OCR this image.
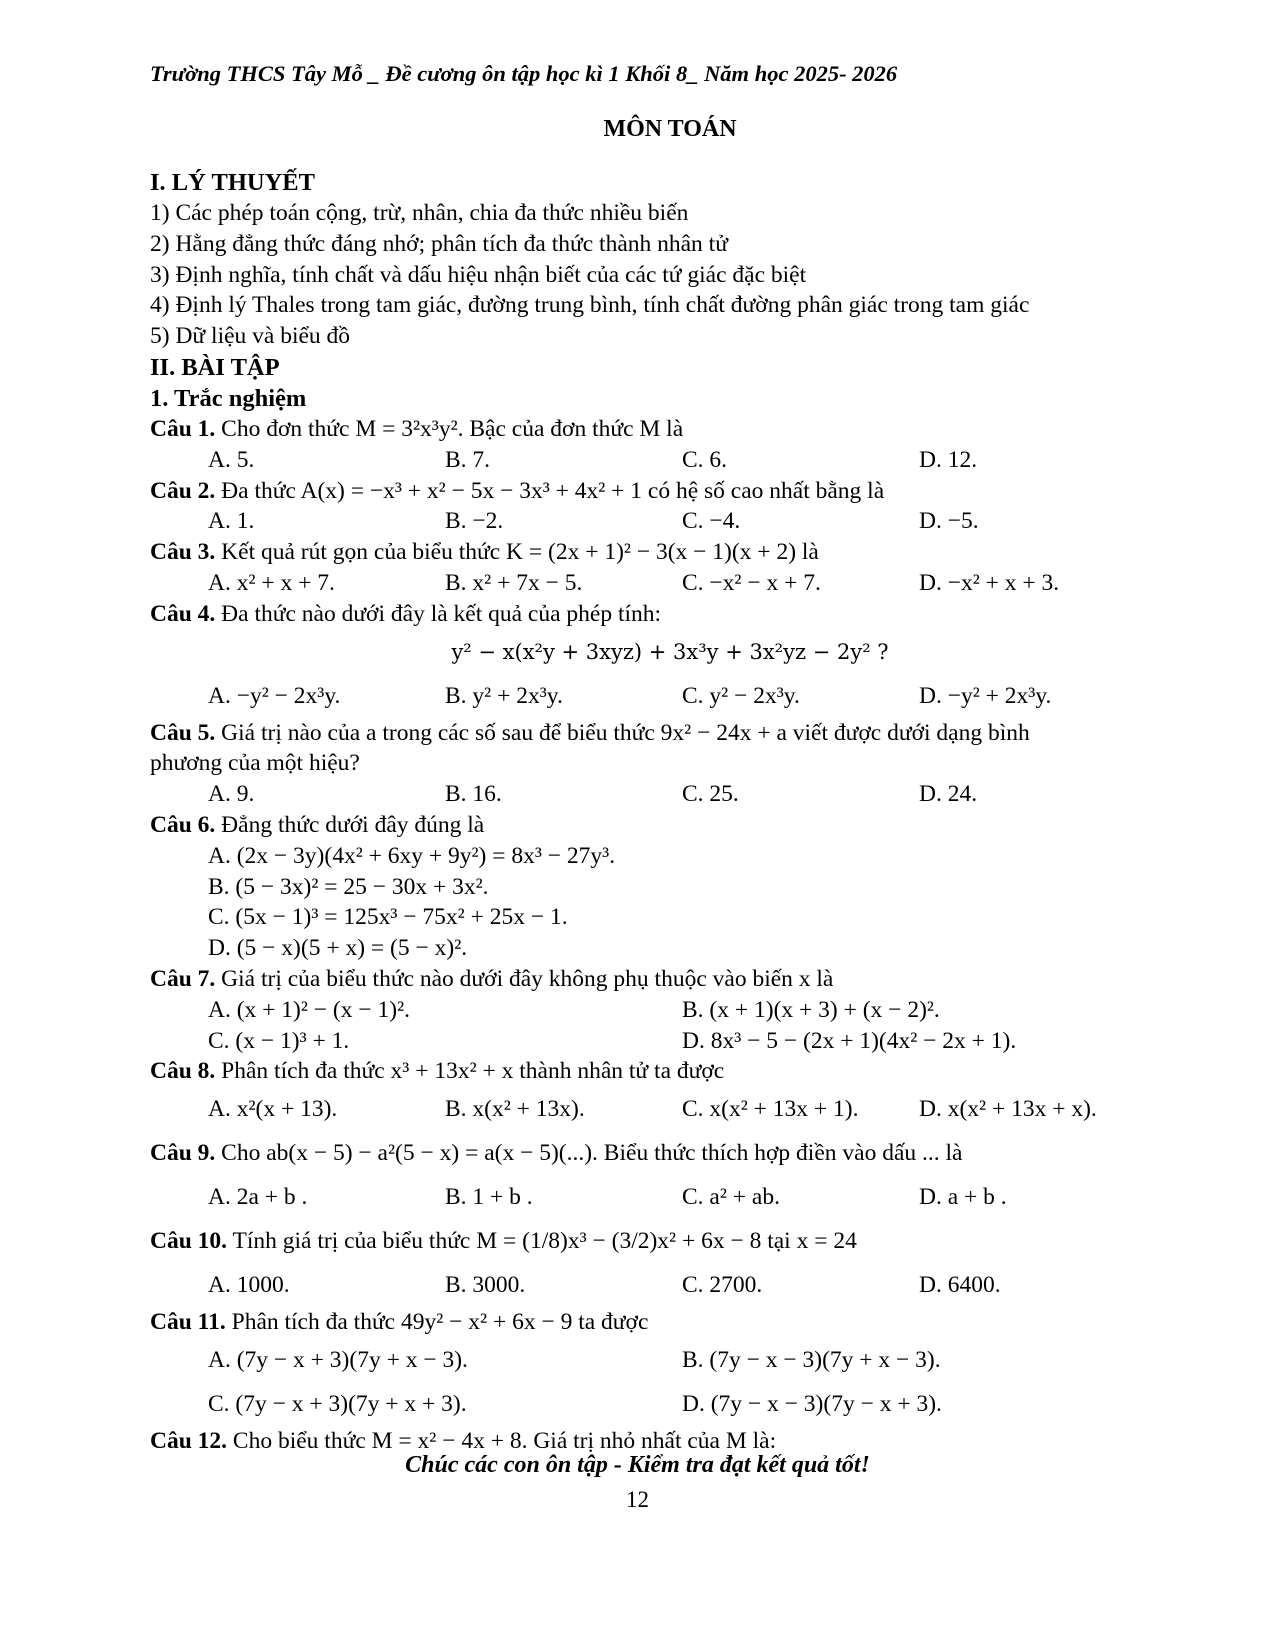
Trường THCS Tây Mỗ _ Đề cương ôn tập học kì 1 Khối 8_ Năm học 2025- 2026
MÔN TOÁN
I. LÝ THUYẾT
1) Các phép toán cộng, trừ, nhân, chia đa thức nhiều biến
2) Hằng đẳng thức đáng nhớ; phân tích đa thức thành nhân tử
3) Định nghĩa, tính chất và dấu hiệu nhận biết của các tứ giác đặc biệt
4) Định lý Thales trong tam giác, đường trung bình, tính chất đường phân giác trong tam giác
5) Dữ liệu và biểu đồ
II. BÀI TẬP
1. Trắc nghiệm
Câu 1. Cho đơn thức M = 3²x³y². Bậc của đơn thức M là
A. 5.	B. 7.	C. 6.	D. 12.
Câu 2. Đa thức A(x) = −x³ + x² − 5x − 3x³ + 4x² + 1 có hệ số cao nhất bằng là
A. 1.	B. −2.	C. −4.	D. −5.
Câu 3. Kết quả rút gọn của biểu thức K = (2x + 1)² − 3(x − 1)(x + 2) là
A. x² + x + 7.	B. x² + 7x − 5.	C. −x² − x + 7.	D. −x² + x + 3.
Câu 4. Đa thức nào dưới đây là kết quả của phép tính:
y² − x(x²y + 3xyz) + 3x³y + 3x²yz − 2y² ?
A. −y² − 2x³y.	B. y² + 2x³y.	C. y² − 2x³y.	D. −y² + 2x³y.
Câu 5. Giá trị nào của a trong các số sau để biểu thức 9x² − 24x + a viết được dưới dạng bình
phương của một hiệu?
A. 9.	B. 16.	C. 25.	D. 24.
Câu 6. Đẳng thức dưới đây đúng là
A. (2x − 3y)(4x² + 6xy + 9y²) = 8x³ − 27y³.
B. (5 − 3x)² = 25 − 30x + 3x².
C. (5x − 1)³ = 125x³ − 75x² + 25x − 1.
D. (5 − x)(5 + x) = (5 − x)².
Câu 7. Giá trị của biểu thức nào dưới đây không phụ thuộc vào biến x là
A. (x + 1)² − (x − 1)².	B. (x + 1)(x + 3) + (x − 2)².
C. (x − 1)³ + 1.	D. 8x³ − 5 − (2x + 1)(4x² − 2x + 1).
Câu 8. Phân tích đa thức x³ + 13x² + x thành nhân tử ta được
A. x²(x + 13).	B. x(x² + 13x).	C. x(x² + 13x + 1).	D. x(x² + 13x + x).
Câu 9. Cho ab(x − 5) − a²(5 − x) = a(x − 5)(...). Biểu thức thích hợp điền vào dấu ... là
A. 2a + b .	B. 1 + b .	C. a² + ab.	D. a + b .
Câu 10. Tính giá trị của biểu thức M = (1/8)x³ − (3/2)x² + 6x − 8 tại x = 24
A. 1000.	B. 3000.	C. 2700.	D. 6400.
Câu 11. Phân tích đa thức 49y² − x² + 6x − 9 ta được
A. (7y − x + 3)(7y + x − 3).	B. (7y − x − 3)(7y + x − 3).
C. (7y − x + 3)(7y + x + 3).	D. (7y − x − 3)(7y − x + 3).
Câu 12. Cho biểu thức M = x² − 4x + 8. Giá trị nhỏ nhất của M là:
Chúc các con ôn tập - Kiểm tra đạt kết quả tốt!
12
